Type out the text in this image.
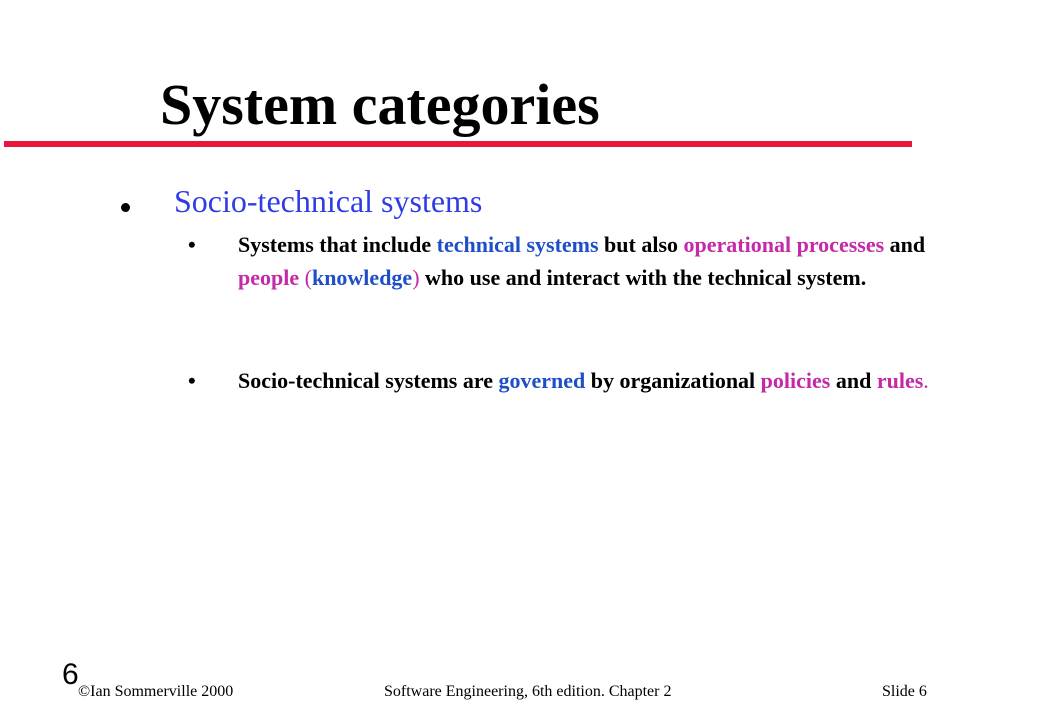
System categories
Socio-technical systems
• Systems that include technical systems but also operational processes and people (knowledge) who use and interact with the technical system.
• Socio-technical systems are governed by organizational policies and rules.
6
©Ian Sommerville 2000	Software Engineering, 6th edition. Chapter 2	Slide 6
